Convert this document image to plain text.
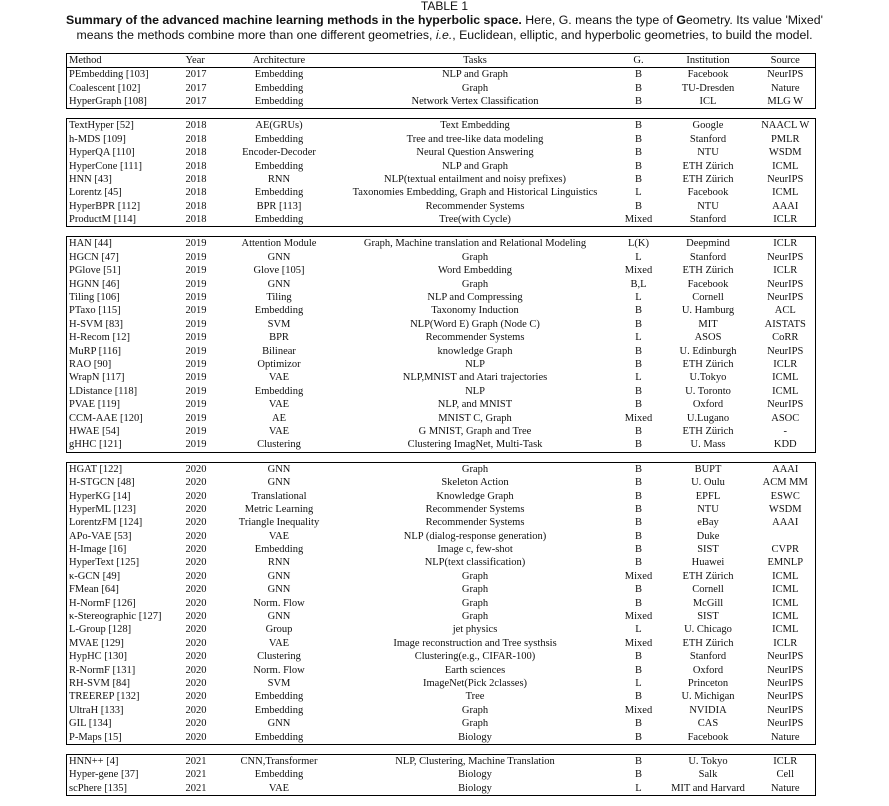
TABLE 1
Summary of the advanced machine learning methods in the hyperbolic space. Here, G. means the type of Geometry. Its value 'Mixed'
means the methods combine more than one different geometries, i.e., Euclidean, elliptic, and hyperbolic geometries, to build the model.
Method	Year	Architecture	Tasks	G.	Institution	Source
PEmbedding [103]	2017	Embedding	NLP and Graph	B	Facebook	NeurIPS
Coalescent [102]	2017	Embedding	Graph	B	TU-Dresden	Nature
HyperGraph [108]	2017	Embedding	Network Vertex Classification	B	ICL	MLG W

TextHyper [52]	2018	AE(GRUs)	Text Embedding	B	Google	NAACL W
h-MDS [109]	2018	Embedding	Tree and tree-like data modeling	B	Stanford	PMLR
HyperQA [110]	2018	Encoder-Decoder	Neural Question Answering	B	NTU	WSDM
HyperCone [111]	2018	Embedding	NLP and Graph	B	ETH Zürich	ICML
HNN [43]	2018	RNN	NLP(textual entailment and noisy prefixes)	B	ETH Zürich	NeurIPS
Lorentz [45]	2018	Embedding	Taxonomies Embedding, Graph and Historical Linguistics	L	Facebook	ICML
HyperBPR [112]	2018	BPR [113]	Recommender Systems	B	NTU	AAAI
ProductM [114]	2018	Embedding	Tree(with Cycle)	Mixed	Stanford	ICLR

HAN [44]	2019	Attention Module	Graph, Machine translation and Relational Modeling	L(K)	Deepmind	ICLR
HGCN [47]	2019	GNN	Graph	L	Stanford	NeurIPS
PGlove [51]	2019	Glove [105]	Word Embedding	Mixed	ETH Zürich	ICLR
HGNN [46]	2019	GNN	Graph	B,L	Facebook	NeurIPS
Tiling [106]	2019	Tiling	NLP and Compressing	L	Cornell	NeurIPS
PTaxo [115]	2019	Embedding	Taxonomy Induction	B	U. Hamburg	ACL
H-SVM [83]	2019	SVM	NLP(Word E) Graph (Node C)	B	MIT	AISTATS
H-Recom [12]	2019	BPR	Recommender Systems	L	ASOS	CoRR
MuRP [116]	2019	Bilinear	knowledge Graph	B	U. Edinburgh	NeurIPS
RAO [90]	2019	Optimizor	NLP	B	ETH Zürich	ICLR
WrapN [117]	2019	VAE	NLP,MNIST and Atari trajectories	L	U.Tokyo	ICML
LDistance [118]	2019	Embedding	NLP	B	U. Toronto	ICML
PVAE [119]	2019	VAE	NLP, and MNIST	B	Oxford	NeurIPS
CCM-AAE [120]	2019	AE	MNIST C, Graph	Mixed	U.Lugano	ASOC
HWAE [54]	2019	VAE	G MNIST, Graph and Tree	B	ETH Zürich	-
gHHC [121]	2019	Clustering	Clustering ImagNet, Multi-Task	B	U. Mass	KDD

HGAT [122]	2020	GNN	Graph	B	BUPT	AAAI
H-STGCN [48]	2020	GNN	Skeleton Action	B	U. Oulu	ACM MM
HyperKG [14]	2020	Translational	Knowledge Graph	B	EPFL	ESWC
HyperML [123]	2020	Metric Learning	Recommender Systems	B	NTU	WSDM
LorentzFM [124]	2020	Triangle Inequality	Recommender Systems	B	eBay	AAAI
APo-VAE [53]	2020	VAE	NLP (dialog-response generation)	B	Duke	
H-Image [16]	2020	Embedding	Image c, few-shot	B	SIST	CVPR
HyperText [125]	2020	RNN	NLP(text classification)	B	Huawei	EMNLP
κ-GCN [49]	2020	GNN	Graph	Mixed	ETH Zürich	ICML
FMean [64]	2020	GNN	Graph	B	Cornell	ICML
H-NormF [126]	2020	Norm. Flow	Graph	B	McGill	ICML
κ-Stereographic [127]	2020	GNN	Graph	Mixed	SIST	ICML
L-Group [128]	2020	Group	jet physics	L	U. Chicago	ICML
MVAE [129]	2020	VAE	Image reconstruction and Tree systhsis	Mixed	ETH Zürich	ICLR
HypHC [130]	2020	Clustering	Clustering(e.g., CIFAR-100)	B	Stanford	NeurIPS
R-NormF [131]	2020	Norm. Flow	Earth sciences	B	Oxford	NeurIPS
RH-SVM [84]	2020	SVM	ImageNet(Pick 2classes)	L	Princeton	NeurIPS
TREEREP [132]	2020	Embedding	Tree	B	U. Michigan	NeurIPS
UltraH [133]	2020	Embedding	Graph	Mixed	NVIDIA	NeurIPS
GIL [134]	2020	GNN	Graph	B	CAS	NeurIPS
P-Maps [15]	2020	Embedding	Biology	B	Facebook	Nature

HNN++ [4]	2021	CNN,Transformer	NLP, Clustering, Machine Translation	B	U. Tokyo	ICLR
Hyper-gene [37]	2021	Embedding	Biology	B	Salk	Cell
scPhere [135]	2021	VAE	Biology	L	MIT and Harvard	Nature
